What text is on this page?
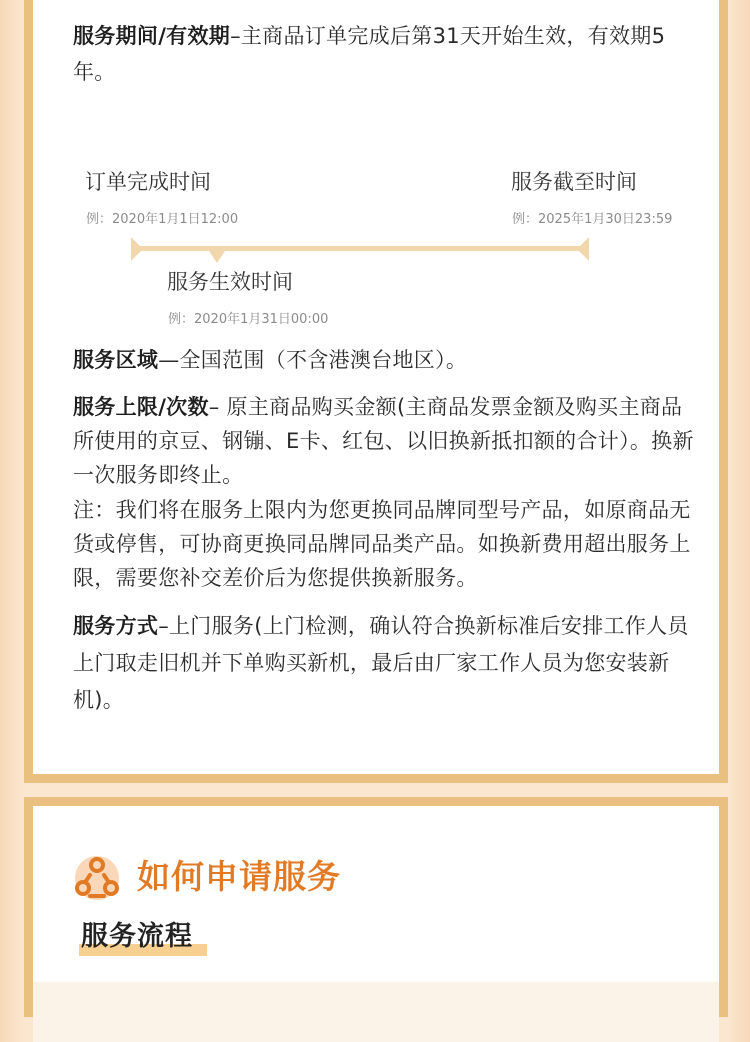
服务期间/有效期–主商品订单完成后第31天开始生效，有效期5年。

订单完成时间

例：2020年1月1日12:00

服务截至时间

例：2025年1月30日23:59

服务生效时间

例：2020年1月31日00:00

服务区域—全国范围（不含港澳台地区）。

服务上限/次数– 原主商品购买金额(主商品发票金额及购买主商品所使用的京豆、钢镚、E卡、红包、以旧换新抵扣额的合计）。换新一次服务即终止。

注：我们将在服务上限内为您更换同品牌同型号产品，如原商品无货或停售，可协商更换同品牌同品类产品。如换新费用超出服务上限，需要您补交差价后为您提供换新服务。

服务方式–上门服务(上门检测，确认符合换新标准后安排工作人员上门取走旧机并下单购买新机，最后由厂家工作人员为您安装新机)。

如何申请服务

服务流程
